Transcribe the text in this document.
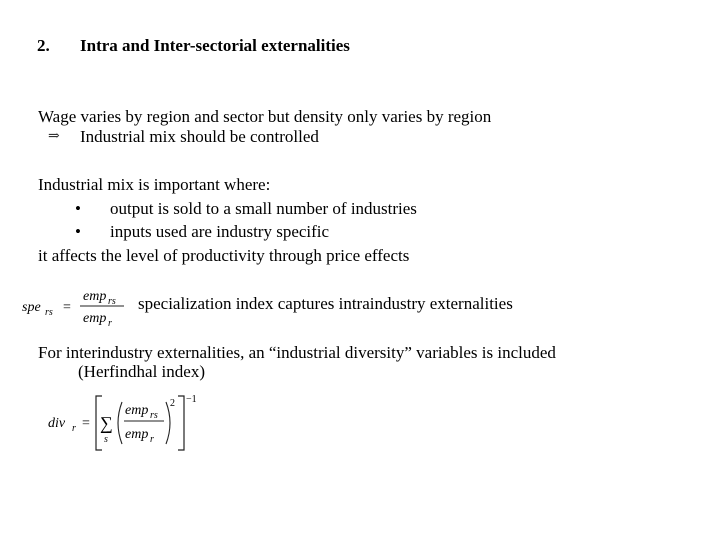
2. Intra and Inter-sectorial externalities
Wage varies by region and sector but density only varies by region
⇒ Industrial mix should be controlled
Industrial mix is important where:
• output is sold to a small number of industries
• inputs used are industry specific
it affects the level of productivity through price effects
spe rs =
emp rs
emp r
specialization index captures intraindustry externalities
For interindustry externalities, an “industrial diversity” variables is included
(Herfindhal index)
div r = ∑
s
emp rs
emp r
2 −1
